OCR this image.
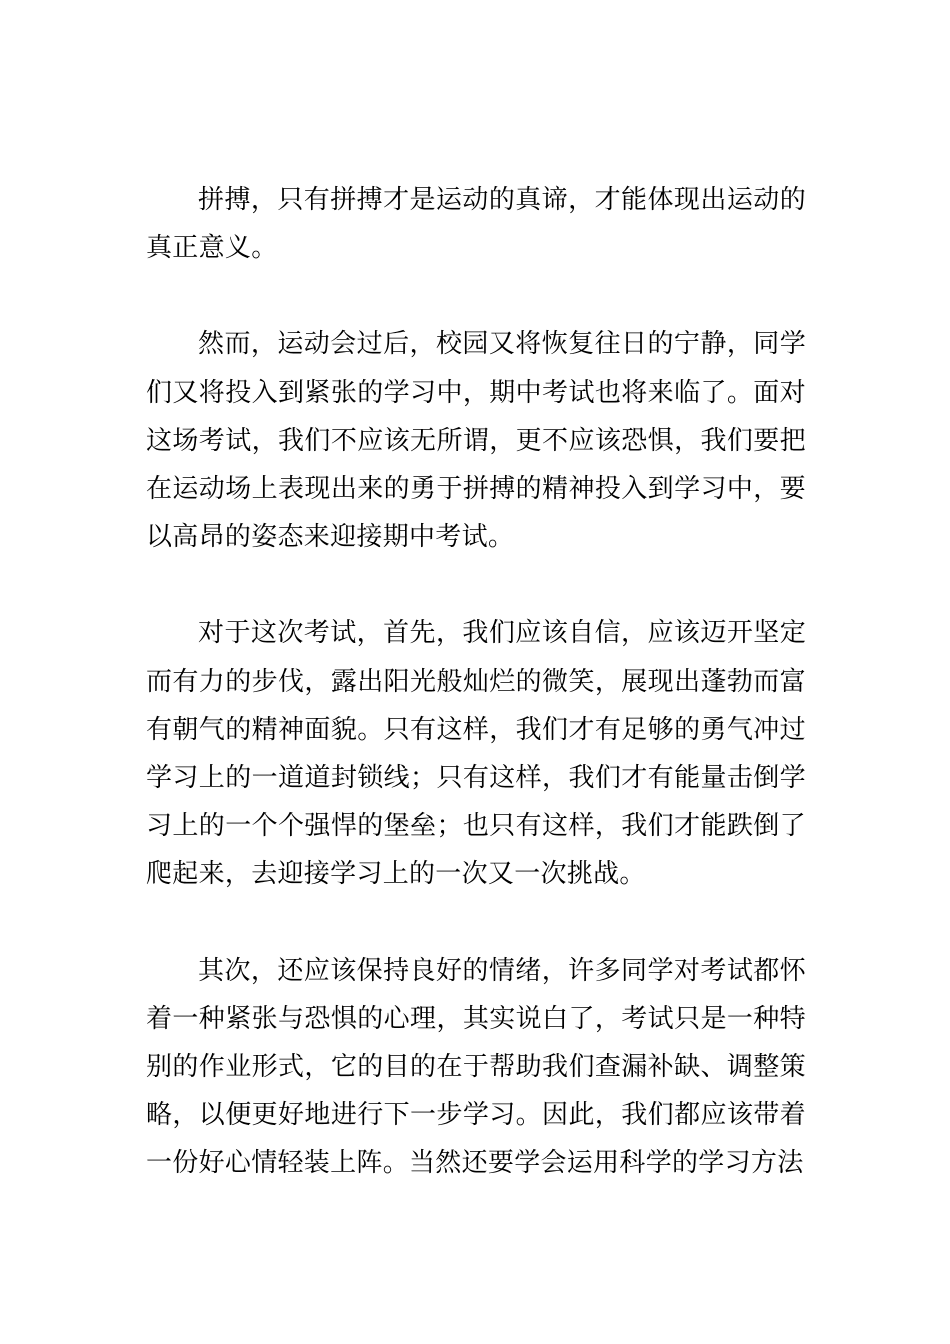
拼搏，只有拼搏才是运动的真谛，才能体现出运动的真正意义。

然而，运动会过后，校园又将恢复往日的宁静，同学们又将投入到紧张的学习中，期中考试也将来临了。面对这场考试，我们不应该无所谓，更不应该恐惧，我们要把在运动场上表现出来的勇于拼搏的精神投入到学习中，要以高昂的姿态来迎接期中考试。

对于这次考试，首先，我们应该自信，应该迈开坚定而有力的步伐，露出阳光般灿烂的微笑，展现出蓬勃而富有朝气的精神面貌。只有这样，我们才有足够的勇气冲过学习上的一道道封锁线；只有这样，我们才有能量击倒学习上的一个个强悍的堡垒；也只有这样，我们才能跌倒了爬起来，去迎接学习上的一次又一次挑战。

其次，还应该保持良好的情绪，许多同学对考试都怀着一种紧张与恐惧的心理，其实说白了，考试只是一种特别的作业形式，它的目的在于帮助我们查漏补缺、调整策略，以便更好地进行下一步学习。因此，我们都应该带着一份好心情轻装上阵。当然还要学会运用科学的学习方法
